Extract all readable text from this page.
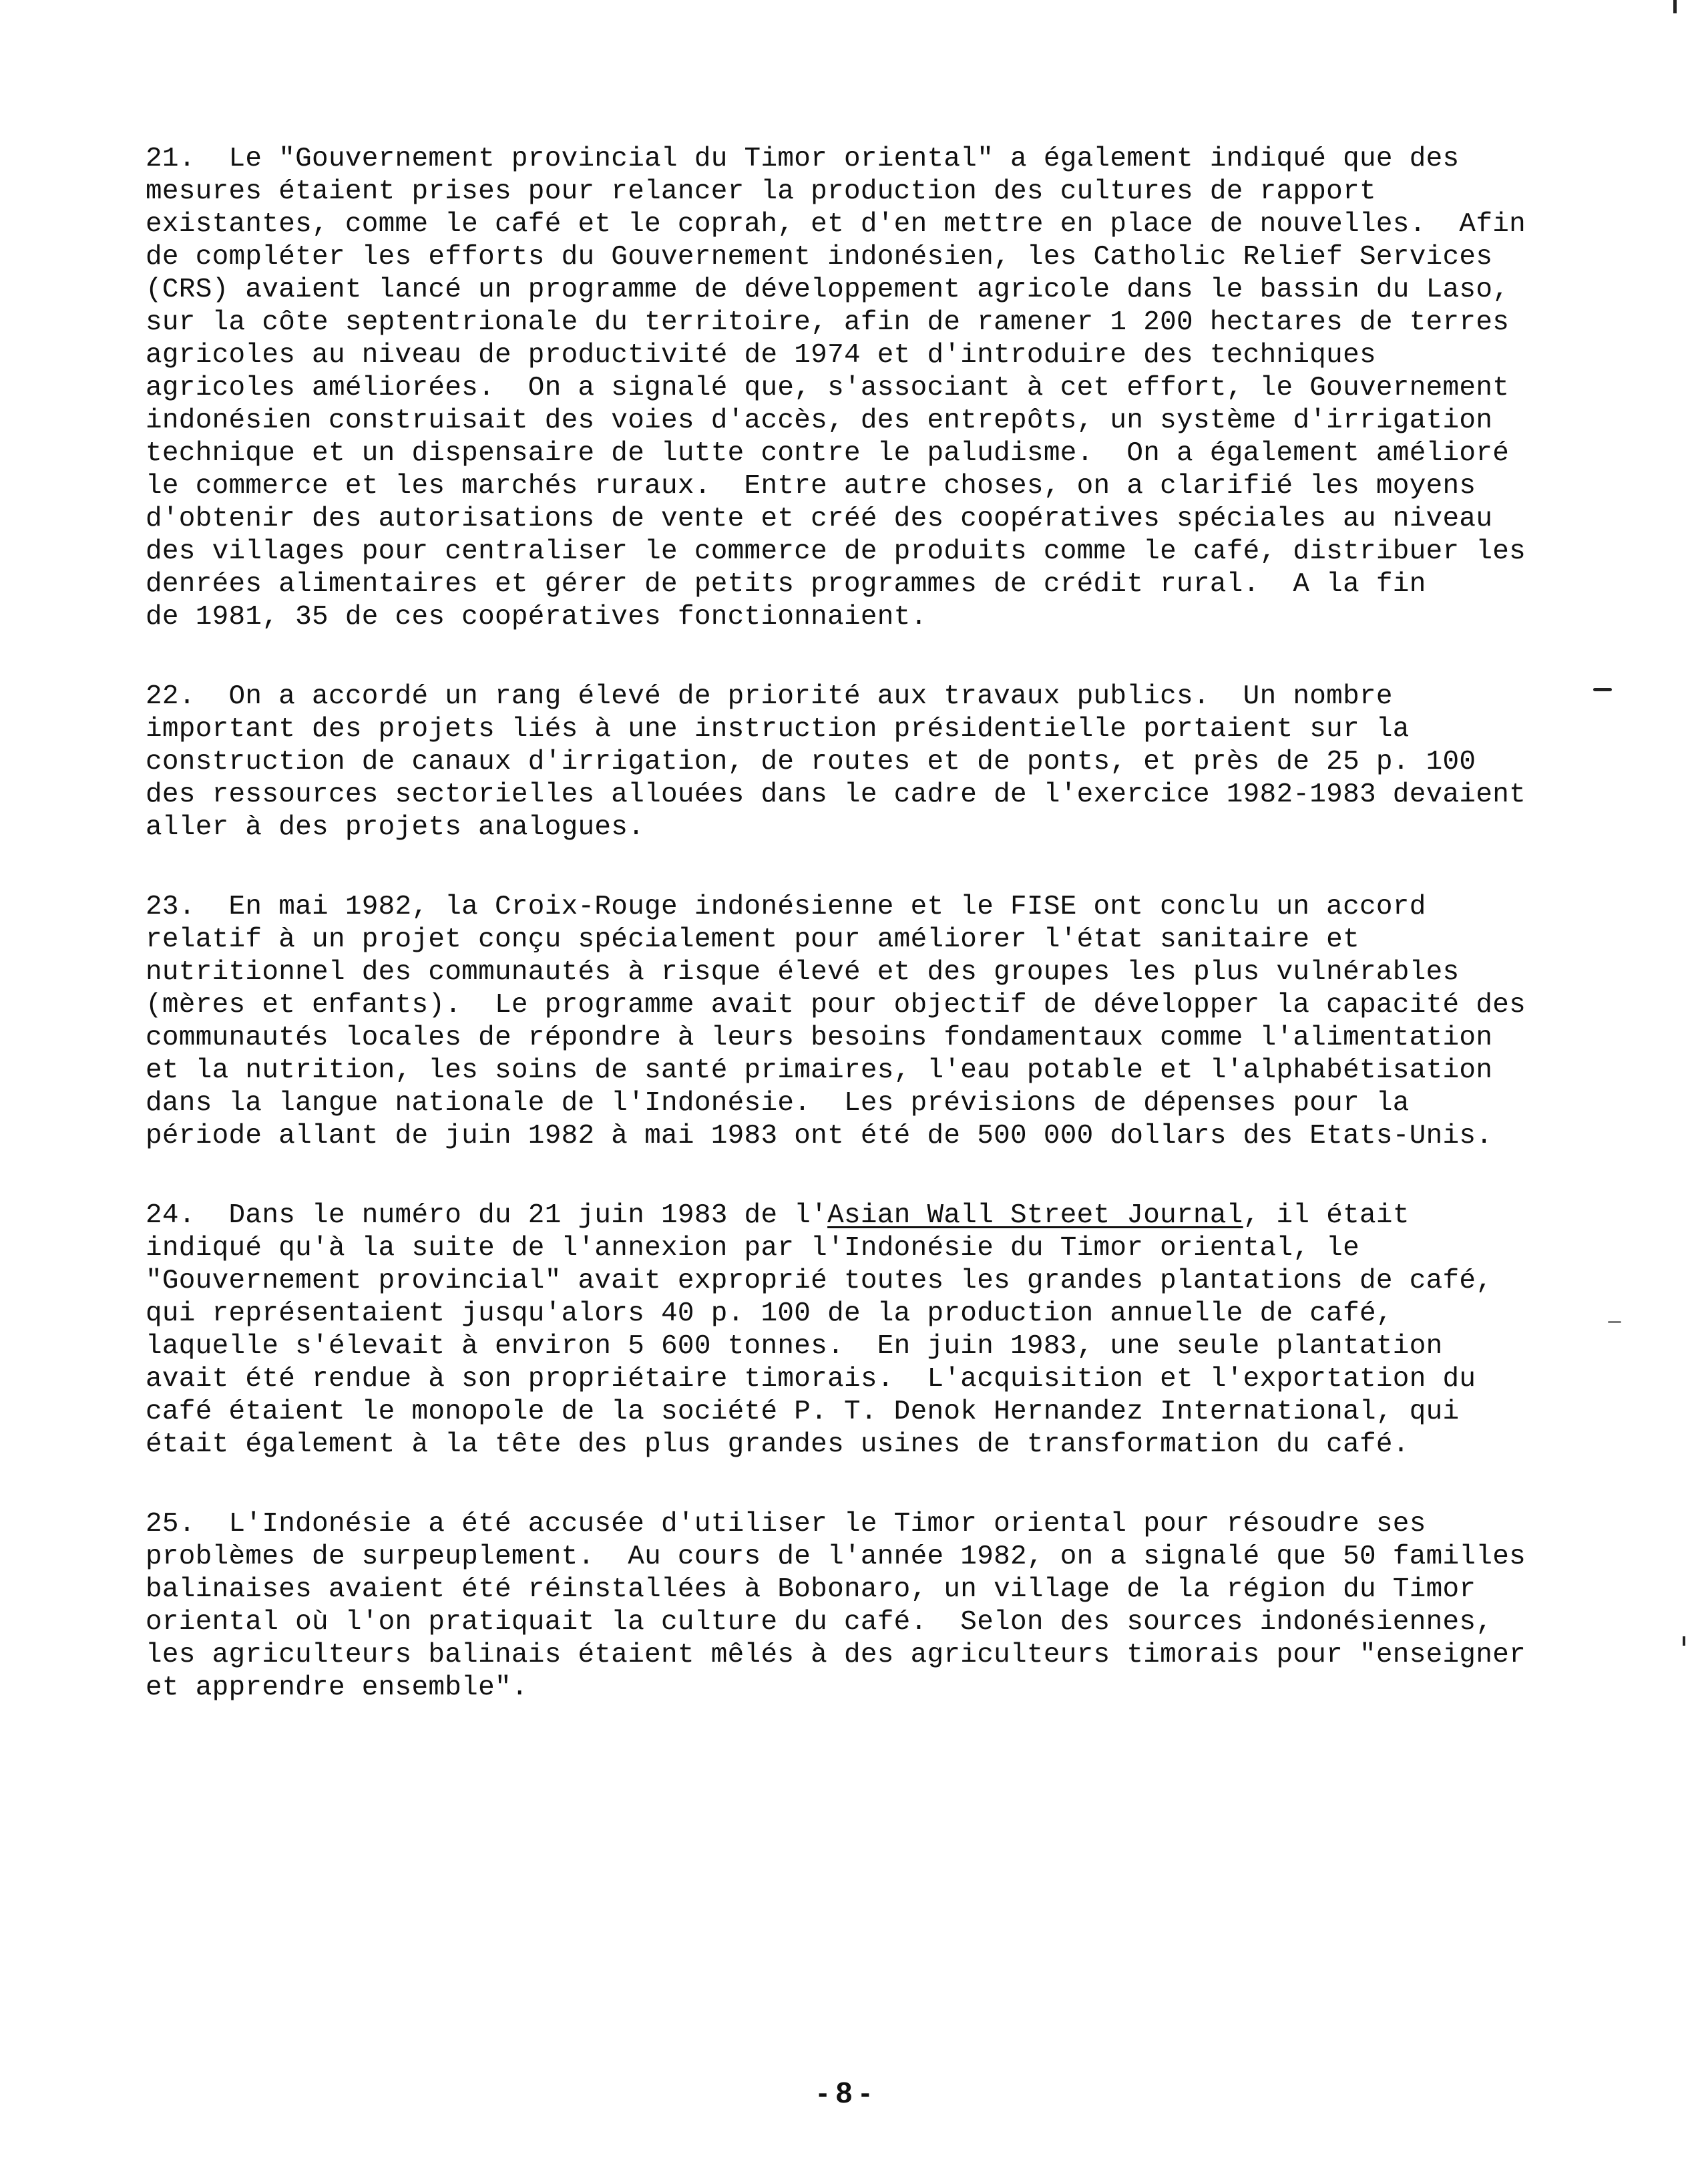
21.  Le "Gouvernement provincial du Timor oriental" a également indiqué que des
mesures étaient prises pour relancer la production des cultures de rapport
existantes, comme le café et le coprah, et d'en mettre en place de nouvelles.  Afin
de compléter les efforts du Gouvernement indonésien, les Catholic Relief Services
(CRS) avaient lancé un programme de développement agricole dans le bassin du Laso,
sur la côte septentrionale du territoire, afin de ramener 1 200 hectares de terres
agricoles au niveau de productivité de 1974 et d'introduire des techniques
agricoles améliorées.  On a signalé que, s'associant à cet effort, le Gouvernement
indonésien construisait des voies d'accès, des entrepôts, un système d'irrigation
technique et un dispensaire de lutte contre le paludisme.  On a également amélioré
le commerce et les marchés ruraux.  Entre autre choses, on a clarifié les moyens
d'obtenir des autorisations de vente et créé des coopératives spéciales au niveau
des villages pour centraliser le commerce de produits comme le café, distribuer les
denrées alimentaires et gérer de petits programmes de crédit rural.  A la fin
de 1981, 35 de ces coopératives fonctionnaient.
22.  On a accordé un rang élevé de priorité aux travaux publics.  Un nombre
important des projets liés à une instruction présidentielle portaient sur la
construction de canaux d'irrigation, de routes et de ponts, et près de 25 p. 100
des ressources sectorielles allouées dans le cadre de l'exercice 1982-1983 devaient
aller à des projets analogues.
23.  En mai 1982, la Croix-Rouge indonésienne et le FISE ont conclu un accord
relatif à un projet conçu spécialement pour améliorer l'état sanitaire et
nutritionnel des communautés à risque élevé et des groupes les plus vulnérables
(mères et enfants).  Le programme avait pour objectif de développer la capacité des
communautés locales de répondre à leurs besoins fondamentaux comme l'alimentation
et la nutrition, les soins de santé primaires, l'eau potable et l'alphabétisation
dans la langue nationale de l'Indonésie.  Les prévisions de dépenses pour la
période allant de juin 1982 à mai 1983 ont été de 500 000 dollars des Etats-Unis.
24.  Dans le numéro du 21 juin 1983 de l'Asian Wall Street Journal, il était
indiqué qu'à la suite de l'annexion par l'Indonésie du Timor oriental, le
"Gouvernement provincial" avait exproprié toutes les grandes plantations de café,
qui représentaient jusqu'alors 40 p. 100 de la production annuelle de café,
laquelle s'élevait à environ 5 600 tonnes.  En juin 1983, une seule plantation
avait été rendue à son propriétaire timorais.  L'acquisition et l'exportation du
café étaient le monopole de la société P. T. Denok Hernandez International, qui
était également à la tête des plus grandes usines de transformation du café.
25.  L'Indonésie a été accusée d'utiliser le Timor oriental pour résoudre ses
problèmes de surpeuplement.  Au cours de l'année 1982, on a signalé que 50 familles
balinaises avaient été réinstallées à Bobonaro, un village de la région du Timor
oriental où l'on pratiquait la culture du café.  Selon des sources indonésiennes,
les agriculteurs balinais étaient mêlés à des agriculteurs timorais pour "enseigner
et apprendre ensemble".
- 8 -
